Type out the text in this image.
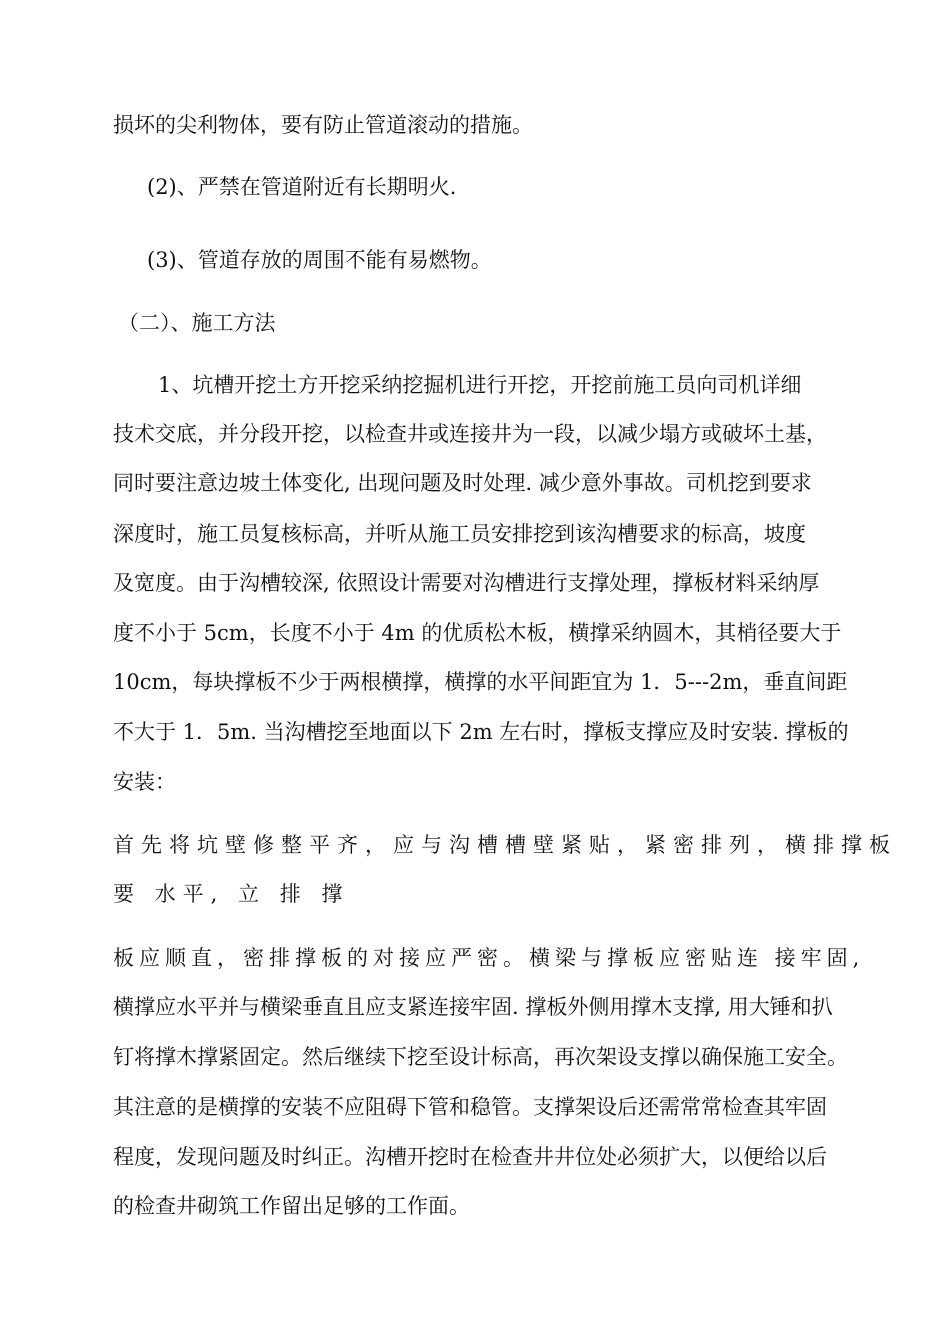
损坏的尖利物体，要有防止管道滚动的措施。

(2)、严禁在管道附近有长期明火.

(3)、管道存放的周围不能有易燃物。

（二）、施工方法

1、坑槽开挖土方开挖采纳挖掘机进行开挖，开挖前施工员向司机详细

技术交底，并分段开挖，以检查井或连接井为一段，以减少塌方或破坏土基，

同时要注意边坡土体变化, 出现问题及时处理. 减少意外事故。司机挖到要求

深度时，施工员复核标高，并听从施工员安排挖到该沟槽要求的标高，坡度

及宽度。由于沟槽较深, 依照设计需要对沟槽进行支撑处理，撑板材料采纳厚

度不小于 5cm，长度不小于 4m 的优质松木板，横撑采纳圆木，其梢径要大于

10cm，每块撑板不少于两根横撑，横撑的水平间距宜为 1．5---2m，垂直间距

不大于 1．5m. 当沟槽挖至地面以下 2m 左右时，撑板支撑应及时安装. 撑板的

安装：

首先将坑壁修整平齐，应与沟槽槽壁紧贴，紧密排列，横排撑板

要 水平, 立 排 撑

板应顺直，密排撑板的对接应严密。横梁与撑板应密贴连 接牢固,

横撑应水平并与横梁垂直且应支紧连接牢固. 撑板外侧用撑木支撑, 用大锤和扒

钉将撑木撑紧固定。然后继续下挖至设计标高，再次架设支撑以确保施工安全。

其注意的是横撑的安装不应阻碍下管和稳管。支撑架设后还需常常检查其牢固

程度，发现问题及时纠正。沟槽开挖时在检查井井位处必须扩大，以便给以后

的检查井砌筑工作留出足够的工作面。
